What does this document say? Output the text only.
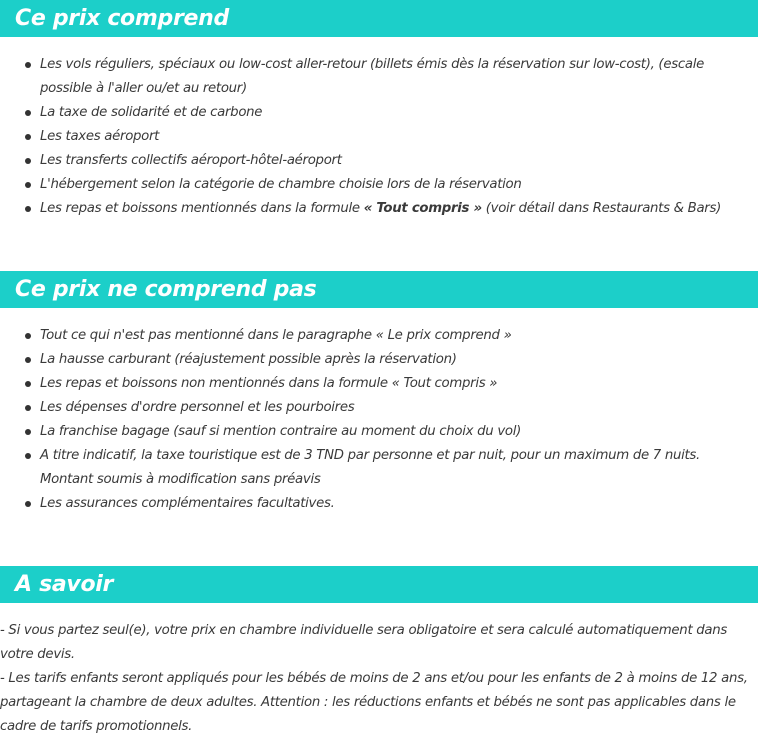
Ce prix comprend
Les vols réguliers, spéciaux ou low-cost aller-retour (billets émis dès la réservation sur low-cost), (escale possible à l'aller ou/et au retour)
La taxe de solidarité et de carbone
Les taxes aéroport
Les transferts collectifs aéroport-hôtel-aéroport
L'hébergement selon la catégorie de chambre choisie lors de la réservation
Les repas et boissons mentionnés dans la formule « Tout compris » (voir détail dans Restaurants & Bars)
Ce prix ne comprend pas
Tout ce qui n'est pas mentionné dans le paragraphe « Le prix comprend »
La hausse carburant (réajustement possible après la réservation)
Les repas et boissons non mentionnés dans la formule « Tout compris »
Les dépenses d'ordre personnel et les pourboires
La franchise bagage (sauf si mention contraire au moment du choix du vol)
A titre indicatif, la taxe touristique est de 3 TND par personne et par nuit, pour un maximum de 7 nuits. Montant soumis à modification sans préavis
Les assurances complémentaires facultatives.
A savoir

- Si vous partez seul(e), votre prix en chambre individuelle sera obligatoire et sera calculé automatiquement dans votre devis.

- Les tarifs enfants seront appliqués pour les bébés de moins de 2 ans et/ou pour les enfants de 2 à moins de 12 ans, partageant la chambre de deux adultes. Attention : les réductions enfants et bébés ne sont pas applicables dans le cadre de tarifs promotionnels.
